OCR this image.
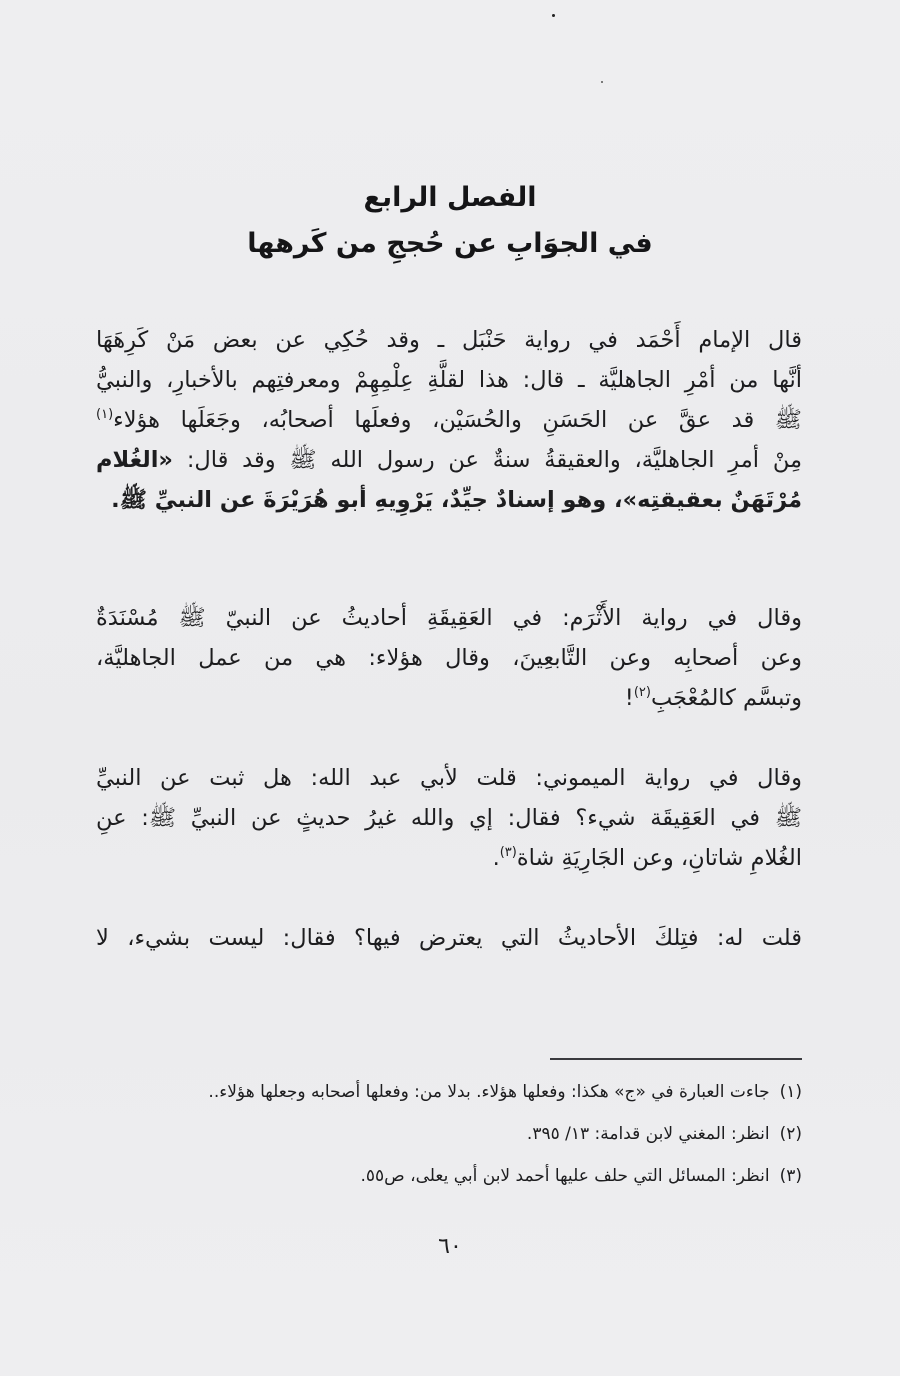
الفصل الرابع
في الجوَابِ عن حُججِ من كَرهها
قال الإمام أَحْمَد في رواية حَنْبَل ـ وقد حُكِي عن بعض مَنْ كَرِهَهَا
أنَّها من أمْرِ الجاهليَّة ـ قال: هذا لقلَّةِ عِلْمِهِمْ ومعرفتِهم بالأخبارِ، والنبيُّ
ﷺ قد عقَّ عن الحَسَنِ والحُسَيْن، وفعلَها أصحابُه، وجَعَلَها هؤلاء$^{(١)}$
مِنْ أمرِ الجاهليَّة، والعقيقةُ سنةٌ عن رسول الله ﷺ وقد قال: «الغُلام
مُرْتَهَنٌ بعقيقتِه»، وهو إسنادٌ جيِّدٌ، يَرْوِيهِ أبو هُرَيْرَةَ عن النبيِّ ﷺ.
وقال في رواية الأَثْرَم: في العَقِيقَةِ أحاديثُ عن النبيّ ﷺ مُسْنَدَةٌ
وعن أصحابِه وعن التَّابعِينَ، وقال هؤلاء: هي من عمل الجاهليَّة،
وتبسَّم كالمُعْجَبِ$^{(٢)}$!
وقال في رواية الميموني: قلت لأبي عبد الله: هل ثبت عن النبيِّ
ﷺ في العَقِيقَة شيء؟ فقال: إي والله غيرُ حديثٍ عن النبيِّ ﷺ: عنِ
الغُلامِ شاتانِ، وعن الجَارِيَةِ شاة$^{(٣)}$.
قلت له: فتِلكَ الأحاديثُ التي يعترض فيها؟ فقال: ليست بشيء، لا
(١)جاءت العبارة في «ج» هكذا: وفعلها هؤلاء. بدلا من: وفعلها أصحابه وجعلها هؤلاء..
(٢)انظر: المغني لابن قدامة: ١٣/ ٣٩٥.
(٣)انظر: المسائل التي حلف عليها أحمد لابن أبي يعلى، ص٥٥.
٦٠
